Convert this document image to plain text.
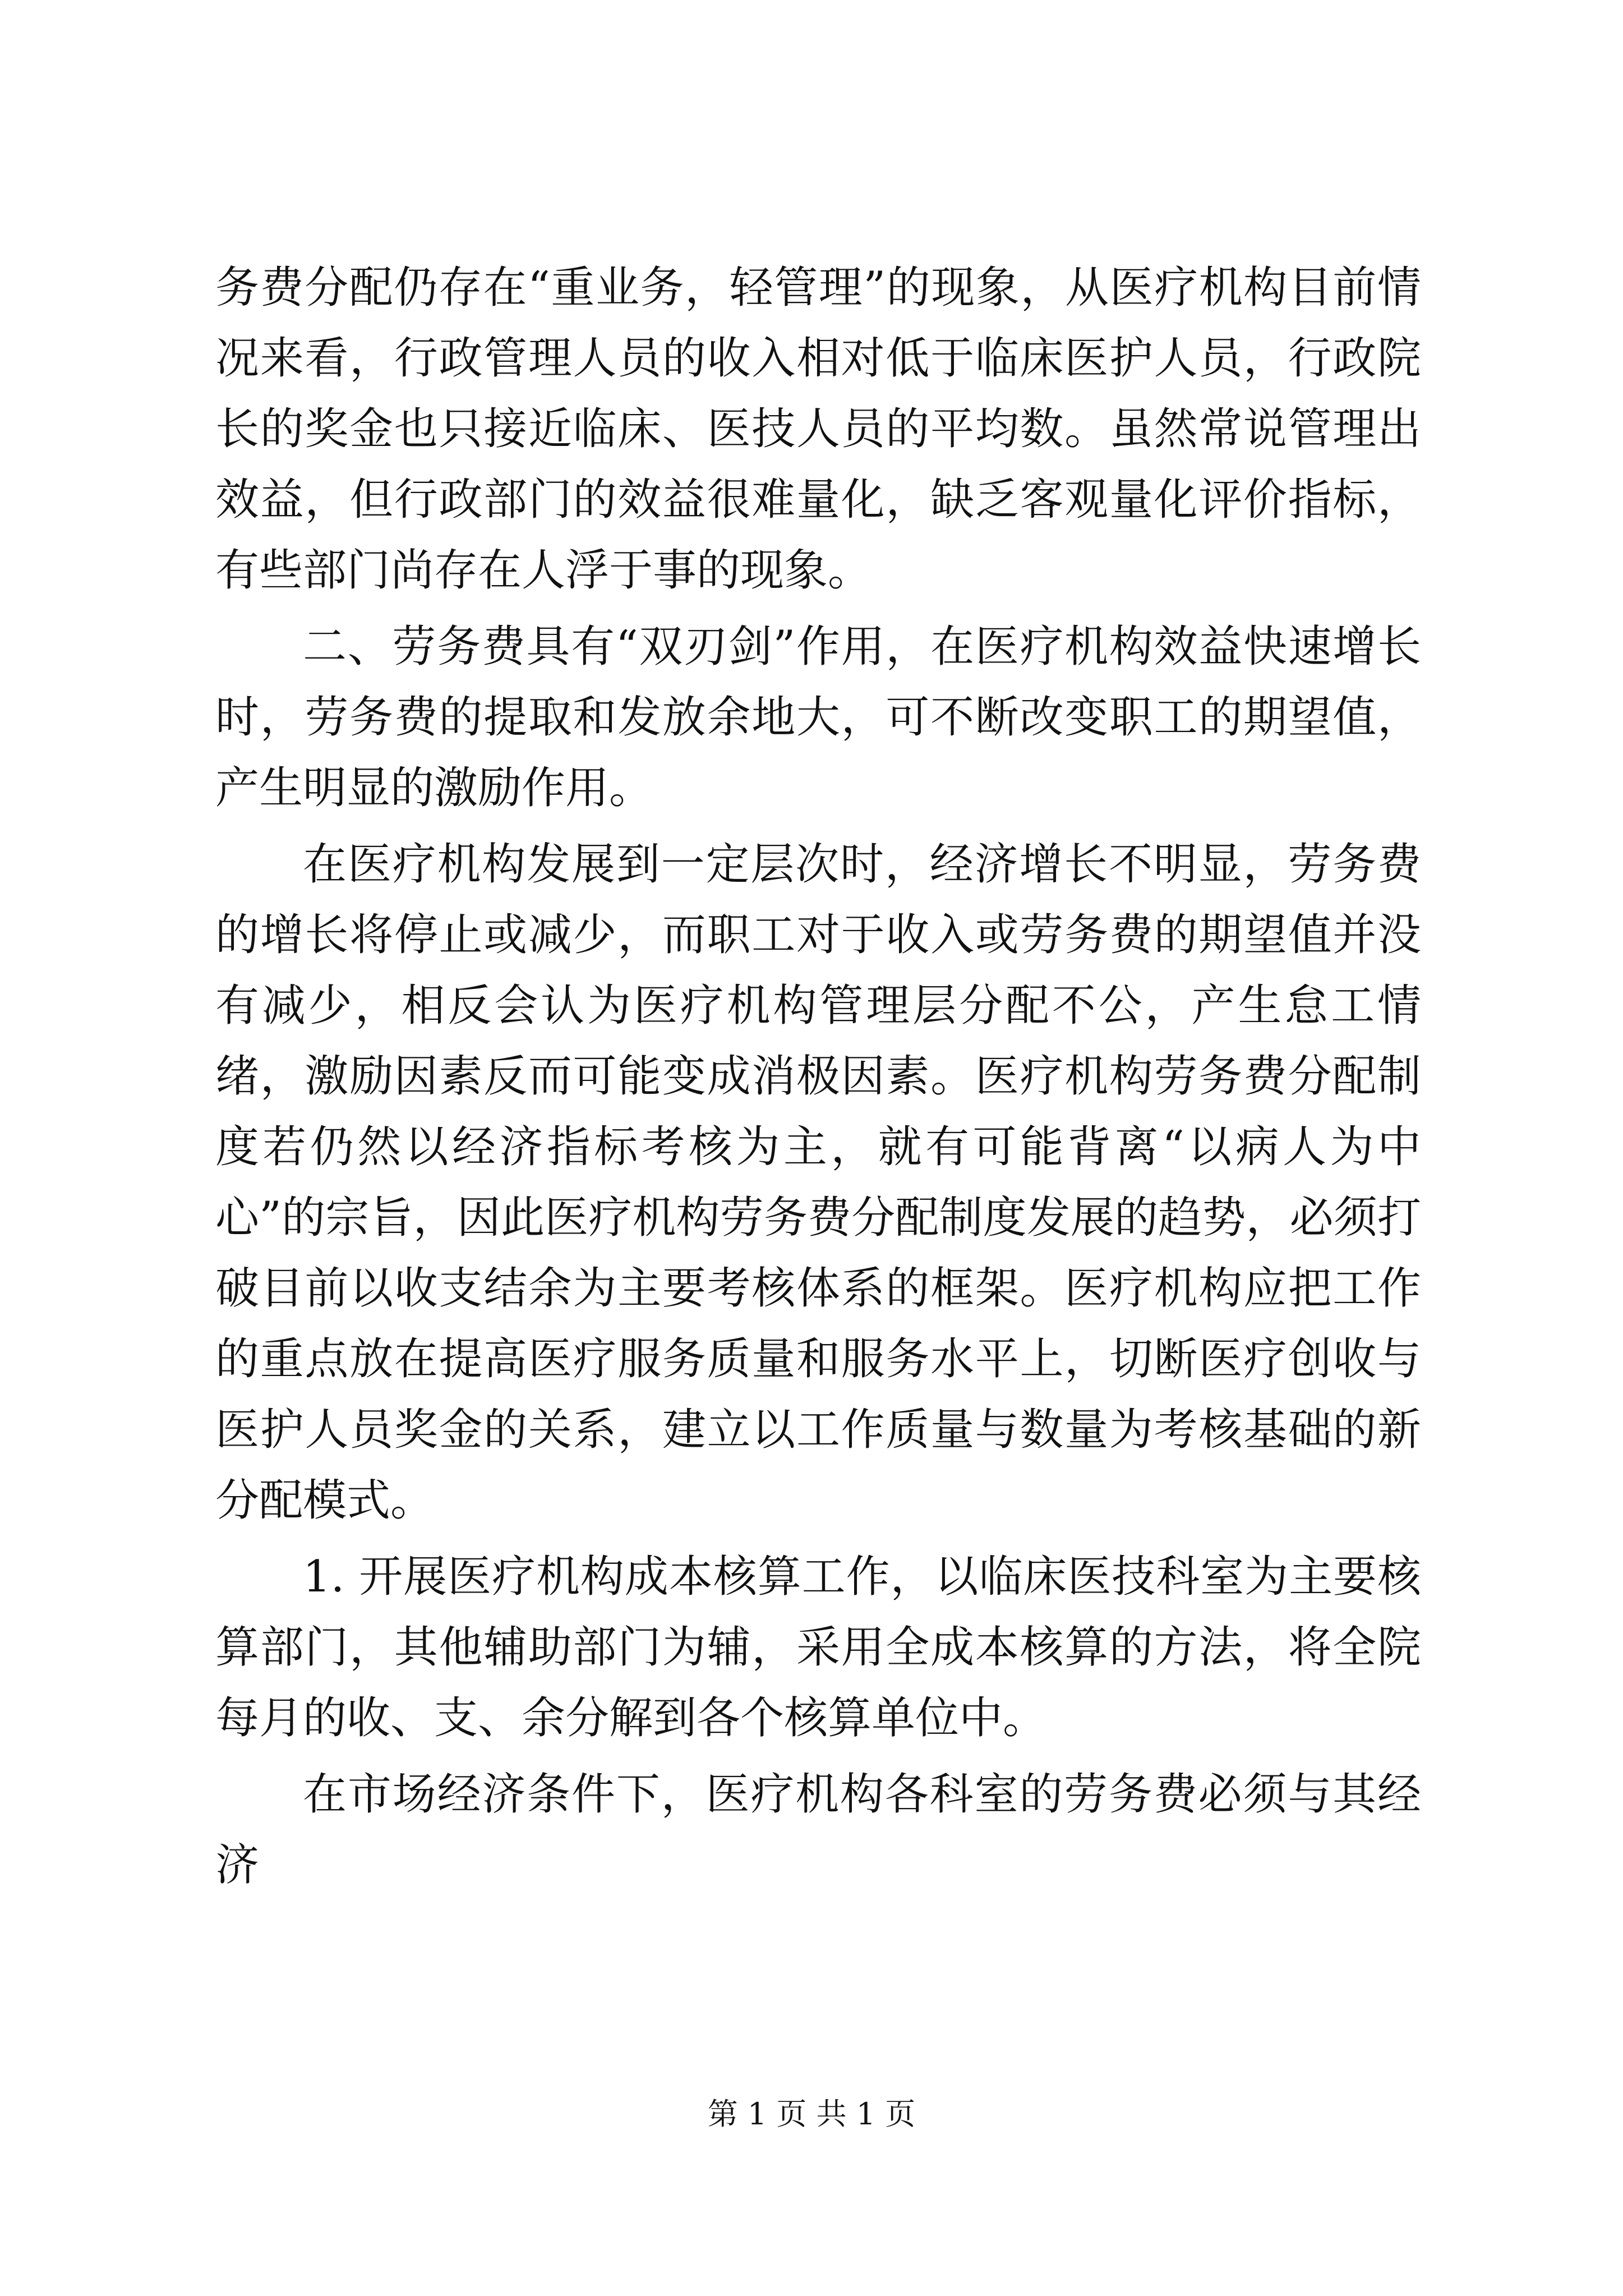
务费分配仍存在“重业务，轻管理”的现象，从医疗机构目前情况来看，行政管理人员的收入相对低于临床医护人员，行政院长的奖金也只接近临床、医技人员的平均数。虽然常说管理出效益，但行政部门的效益很难量化，缺乏客观量化评价指标，有些部门尚存在人浮于事的现象。

二、劳务费具有“双刃剑”作用，在医疗机构效益快速增长时，劳务费的提取和发放余地大，可不断改变职工的期望值，产生明显的激励作用。

在医疗机构发展到一定层次时，经济增长不明显，劳务费的增长将停止或减少，而职工对于收入或劳务费的期望值并没有减少，相反会认为医疗机构管理层分配不公，产生怠工情绪，激励因素反而可能变成消极因素。医疗机构劳务费分配制度若仍然以经济指标考核为主，就有可能背离“以病人为中心”的宗旨，因此医疗机构劳务费分配制度发展的趋势，必须打破目前以收支结余为主要考核体系的框架。医疗机构应把工作的重点放在提高医疗服务质量和服务水平上，切断医疗创收与医护人员奖金的关系，建立以工作质量与数量为考核基础的新分配模式。

1. 开展医疗机构成本核算工作，以临床医技科室为主要核算部门，其他辅助部门为辅，采用全成本核算的方法，将全院每月的收、支、余分解到各个核算单位中。

在市场经济条件下，医疗机构各科室的劳务费必须与其经济

第 1 页 共 1 页
